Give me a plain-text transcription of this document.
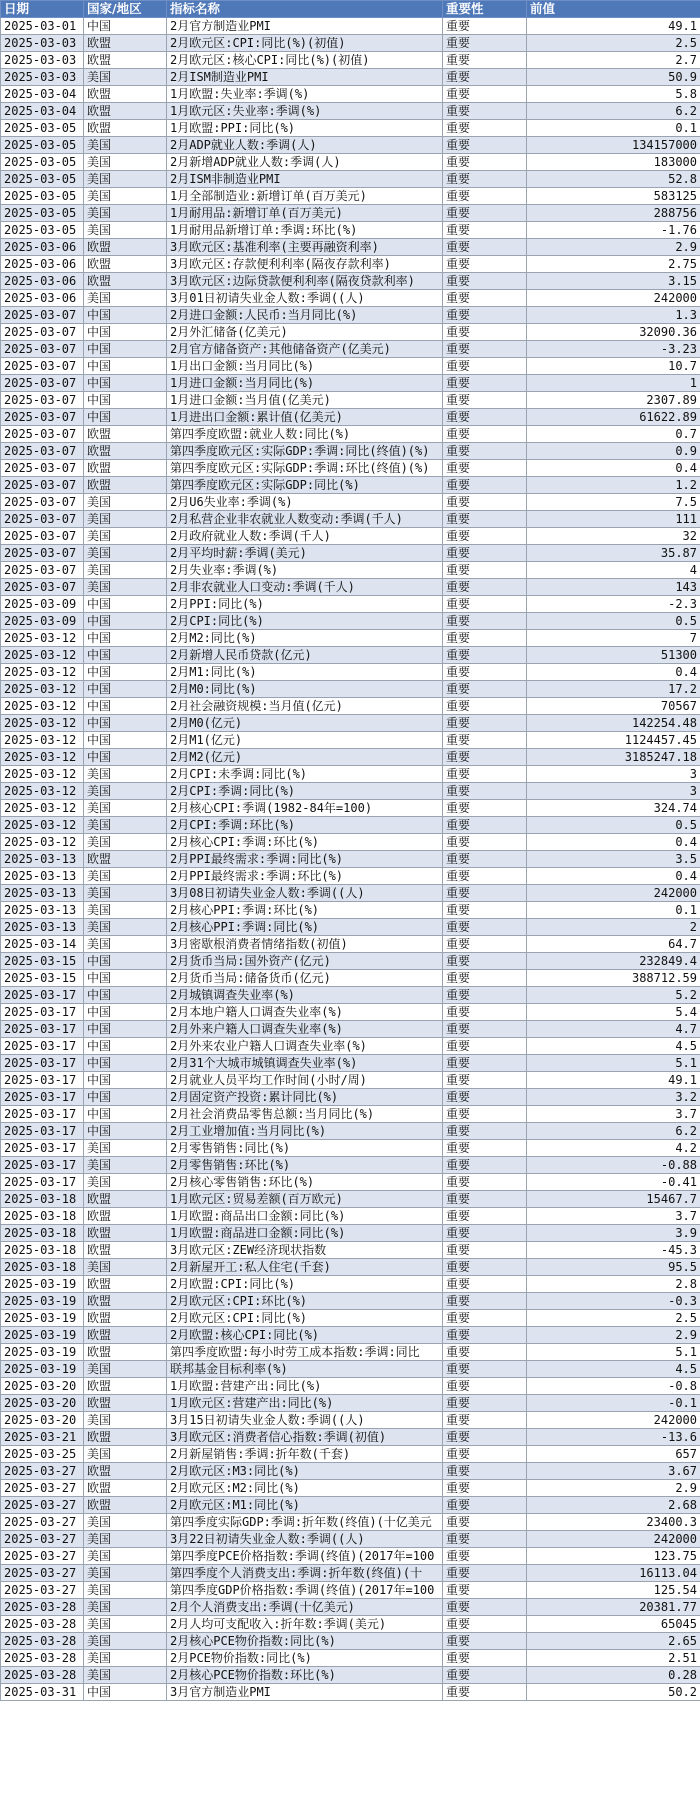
日期	国家/地区	指标名称	重要性	前值
2025-03-01	中国	2月官方制造业PMI	重要	49.1
2025-03-03	欧盟	2月欧元区:CPI:同比(%)(初值)	重要	2.5
2025-03-03	欧盟	2月欧元区:核心CPI:同比(%)(初值)	重要	2.7
2025-03-03	美国	2月ISM制造业PMI	重要	50.9
2025-03-04	欧盟	1月欧盟:失业率:季调(%)	重要	5.8
2025-03-04	欧盟	1月欧元区:失业率:季调(%)	重要	6.2
2025-03-05	欧盟	1月欧盟:PPI:同比(%)	重要	0.1
2025-03-05	美国	2月ADP就业人数:季调(人)	重要	134157000
2025-03-05	美国	2月新增ADP就业人数:季调(人)	重要	183000
2025-03-05	美国	2月ISM非制造业PMI	重要	52.8
2025-03-05	美国	1月全部制造业:新增订单(百万美元)	重要	583125
2025-03-05	美国	1月耐用品:新增订单(百万美元)	重要	288756
2025-03-05	美国	1月耐用品新增订单:季调:环比(%)	重要	-1.76
2025-03-06	欧盟	3月欧元区:基准利率(主要再融资利率)	重要	2.9
2025-03-06	欧盟	3月欧元区:存款便利利率(隔夜存款利率)	重要	2.75
2025-03-06	欧盟	3月欧元区:边际贷款便利利率(隔夜贷款利率)	重要	3.15
2025-03-06	美国	3月01日初请失业金人数:季调((人)	重要	242000
2025-03-07	中国	2月进口金额:人民币:当月同比(%)	重要	1.3
2025-03-07	中国	2月外汇储备(亿美元)	重要	32090.36
2025-03-07	中国	2月官方储备资产:其他储备资产(亿美元)	重要	-3.23
2025-03-07	中国	1月出口金额:当月同比(%)	重要	10.7
2025-03-07	中国	1月进口金额:当月同比(%)	重要	1
2025-03-07	中国	1月进口金额:当月值(亿美元)	重要	2307.89
2025-03-07	中国	1月进出口金额:累计值(亿美元)	重要	61622.89
2025-03-07	欧盟	第四季度欧盟:就业人数:同比(%)	重要	0.7
2025-03-07	欧盟	第四季度欧元区:实际GDP:季调:同比(终值)(%)	重要	0.9
2025-03-07	欧盟	第四季度欧元区:实际GDP:季调:环比(终值)(%)	重要	0.4
2025-03-07	欧盟	第四季度欧元区:实际GDP:同比(%)	重要	1.2
2025-03-07	美国	2月U6失业率:季调(%)	重要	7.5
2025-03-07	美国	2月私营企业非农就业人数变动:季调(千人)	重要	111
2025-03-07	美国	2月政府就业人数:季调(千人)	重要	32
2025-03-07	美国	2月平均时薪:季调(美元)	重要	35.87
2025-03-07	美国	2月失业率:季调(%)	重要	4
2025-03-07	美国	2月非农就业人口变动:季调(千人)	重要	143
2025-03-09	中国	2月PPI:同比(%)	重要	-2.3
2025-03-09	中国	2月CPI:同比(%)	重要	0.5
2025-03-12	中国	2月M2:同比(%)	重要	7
2025-03-12	中国	2月新增人民币贷款(亿元)	重要	51300
2025-03-12	中国	2月M1:同比(%)	重要	0.4
2025-03-12	中国	2月M0:同比(%)	重要	17.2
2025-03-12	中国	2月社会融资规模:当月值(亿元)	重要	70567
2025-03-12	中国	2月M0(亿元)	重要	142254.48
2025-03-12	中国	2月M1(亿元)	重要	1124457.45
2025-03-12	中国	2月M2(亿元)	重要	3185247.18
2025-03-12	美国	2月CPI:未季调:同比(%)	重要	3
2025-03-12	美国	2月CPI:季调:同比(%)	重要	3
2025-03-12	美国	2月核心CPI:季调(1982-84年=100)	重要	324.74
2025-03-12	美国	2月CPI:季调:环比(%)	重要	0.5
2025-03-12	美国	2月核心CPI:季调:环比(%)	重要	0.4
2025-03-13	欧盟	2月PPI最终需求:季调:同比(%)	重要	3.5
2025-03-13	美国	2月PPI最终需求:季调:环比(%)	重要	0.4
2025-03-13	美国	3月08日初请失业金人数:季调((人)	重要	242000
2025-03-13	美国	2月核心PPI:季调:环比(%)	重要	0.1
2025-03-13	美国	2月核心PPI:季调:同比(%)	重要	2
2025-03-14	美国	3月密歇根消费者情绪指数(初值)	重要	64.7
2025-03-15	中国	2月货币当局:国外资产(亿元)	重要	232849.4
2025-03-15	中国	2月货币当局:储备货币(亿元)	重要	388712.59
2025-03-17	中国	2月城镇调查失业率(%)	重要	5.2
2025-03-17	中国	2月本地户籍人口调查失业率(%)	重要	5.4
2025-03-17	中国	2月外来户籍人口调查失业率(%)	重要	4.7
2025-03-17	中国	2月外来农业户籍人口调查失业率(%)	重要	4.5
2025-03-17	中国	2月31个大城市城镇调查失业率(%)	重要	5.1
2025-03-17	中国	2月就业人员平均工作时间(小时/周)	重要	49.1
2025-03-17	中国	2月固定资产投资:累计同比(%)	重要	3.2
2025-03-17	中国	2月社会消费品零售总额:当月同比(%)	重要	3.7
2025-03-17	中国	2月工业增加值:当月同比(%)	重要	6.2
2025-03-17	美国	2月零售销售:同比(%)	重要	4.2
2025-03-17	美国	2月零售销售:环比(%)	重要	-0.88
2025-03-17	美国	2月核心零售销售:环比(%)	重要	-0.41
2025-03-18	欧盟	1月欧元区:贸易差额(百万欧元)	重要	15467.7
2025-03-18	欧盟	1月欧盟:商品出口金额:同比(%)	重要	3.7
2025-03-18	欧盟	1月欧盟:商品进口金额:同比(%)	重要	3.9
2025-03-18	欧盟	3月欧元区:ZEW经济现状指数	重要	-45.3
2025-03-18	美国	2月新屋开工:私人住宅(千套)	重要	95.5
2025-03-19	欧盟	2月欧盟:CPI:同比(%)	重要	2.8
2025-03-19	欧盟	2月欧元区:CPI:环比(%)	重要	-0.3
2025-03-19	欧盟	2月欧元区:CPI:同比(%)	重要	2.5
2025-03-19	欧盟	2月欧盟:核心CPI:同比(%)	重要	2.9
2025-03-19	欧盟	第四季度欧盟:每小时劳工成本指数:季调:同比	重要	5.1
2025-03-19	美国	联邦基金目标利率(%)	重要	4.5
2025-03-20	欧盟	1月欧盟:营建产出:同比(%)	重要	-0.8
2025-03-20	欧盟	1月欧元区:营建产出:同比(%)	重要	-0.1
2025-03-20	美国	3月15日初请失业金人数:季调((人)	重要	242000
2025-03-21	欧盟	3月欧元区:消费者信心指数:季调(初值)	重要	-13.6
2025-03-25	美国	2月新屋销售:季调:折年数(千套)	重要	657
2025-03-27	欧盟	2月欧元区:M3:同比(%)	重要	3.67
2025-03-27	欧盟	2月欧元区:M2:同比(%)	重要	2.9
2025-03-27	欧盟	2月欧元区:M1:同比(%)	重要	2.68
2025-03-27	美国	第四季度实际GDP:季调:折年数(终值)(十亿美元	重要	23400.3
2025-03-27	美国	3月22日初请失业金人数:季调((人)	重要	242000
2025-03-27	美国	第四季度PCE价格指数:季调(终值)(2017年=100	重要	123.75
2025-03-27	美国	第四季度个人消费支出:季调:折年数(终值)(十	重要	16113.04
2025-03-27	美国	第四季度GDP价格指数:季调(终值)(2017年=100	重要	125.54
2025-03-28	美国	2月个人消费支出:季调(十亿美元)	重要	20381.77
2025-03-28	美国	2月人均可支配收入:折年数:季调(美元)	重要	65045
2025-03-28	美国	2月核心PCE物价指数:同比(%)	重要	2.65
2025-03-28	美国	2月PCE物价指数:同比(%)	重要	2.51
2025-03-28	美国	2月核心PCE物价指数:环比(%)	重要	0.28
2025-03-31	中国	3月官方制造业PMI	重要	50.2
